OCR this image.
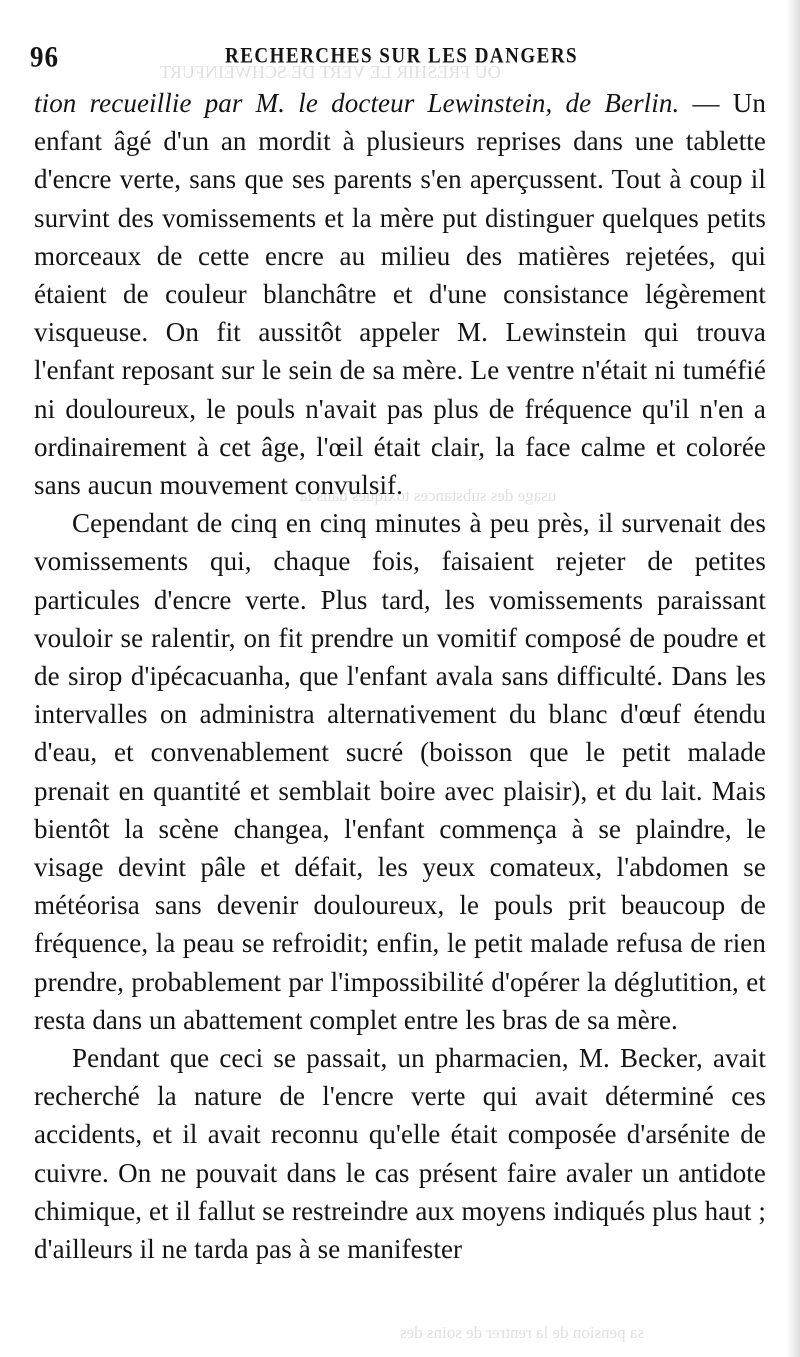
OU FRESHIR LE VERT DE SCHWEINFURT
sa pension de la rentrer de soins des
usage des substances toxiques dans la
96	RECHERCHES SUR LES DANGERS

tion recueillie par M. le docteur Lewinstein, de Berlin. — Un enfant âgé d'un an mordit à plusieurs reprises dans une tablette d'encre verte, sans que ses parents s'en aperçussent. Tout à coup il survint des vomissements et la mère put distinguer quelques petits morceaux de cette encre au milieu des matières rejetées, qui étaient de couleur blanchâtre et d'une consistance légèrement visqueuse. On fit aussitôt appeler M. Lewinstein qui trouva l'enfant reposant sur le sein de sa mère. Le ventre n'était ni tuméfié ni douloureux, le pouls n'avait pas plus de fréquence qu'il n'en a ordinairement à cet âge, l'œil était clair, la face calme et colorée sans aucun mouvement convulsif.

Cependant de cinq en cinq minutes à peu près, il survenait des vomissements qui, chaque fois, faisaient rejeter de petites particules d'encre verte. Plus tard, les vomissements paraissant vouloir se ralentir, on fit prendre un vomitif composé de poudre et de sirop d'ipécacuanha, que l'enfant avala sans difficulté. Dans les intervalles on administra alternativement du blanc d'œuf étendu d'eau, et convenablement sucré (boisson que le petit malade prenait en quantité et semblait boire avec plaisir), et du lait. Mais bientôt la scène changea, l'enfant commença à se plaindre, le visage devint pâle et défait, les yeux comateux, l'abdomen se météorisa sans devenir douloureux, le pouls prit beaucoup de fréquence, la peau se refroidit; enfin, le petit malade refusa de rien prendre, probablement par l'impossibilité d'opérer la déglutition, et resta dans un abattement complet entre les bras de sa mère.

Pendant que ceci se passait, un pharmacien, M. Becker, avait recherché la nature de l'encre verte qui avait déterminé ces accidents, et il avait reconnu qu'elle était composée d'arsénite de cuivre. On ne pouvait dans le cas présent faire avaler un antidote chimique, et il fallut se restreindre aux moyens indiqués plus haut ; d'ailleurs il ne tarda pas à se manifester
